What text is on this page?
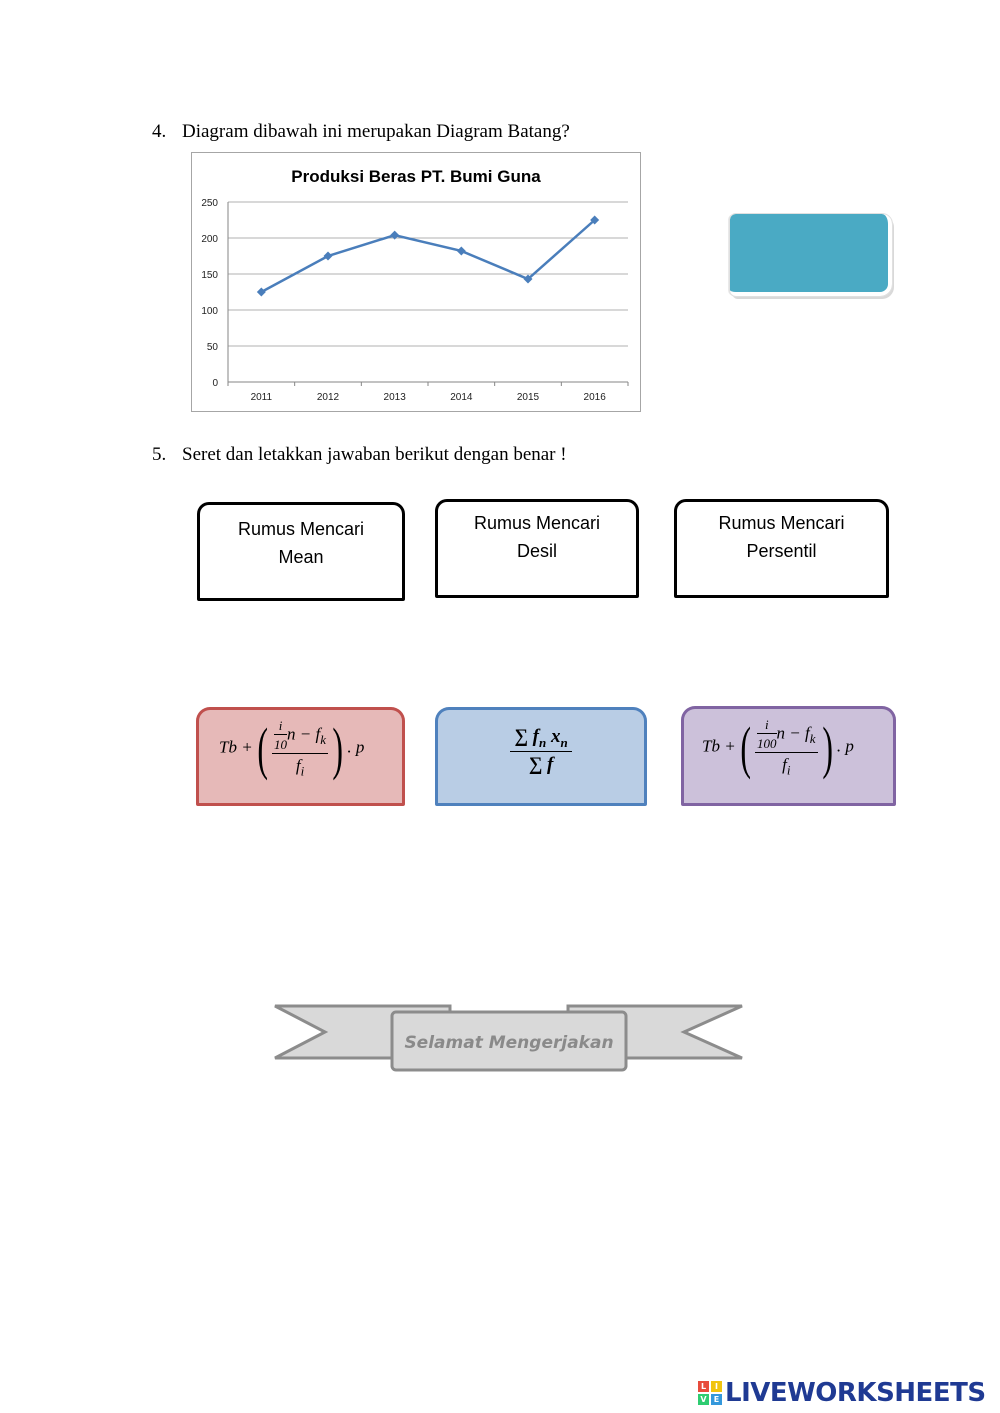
4. Diagram dibawah ini merupakan Diagram Batang?
Produksi Beras PT. Bumi Guna
0
50
100
150
200
250
2011	2012	2013	2014	2015	2016
5. Seret dan letakkan jawaban berikut dengan benar !
Rumus Mencari
Mean
Rumus Mencari
Desil
Rumus Mencari
Persentil
Tb +( $\frac{\frac{i}{10} n - f_k}{f_i}$ ) . p	$\frac{\sum f_n x_n}{\sum f}$	Tb +( $\frac{\frac{i}{100} n - f_k}{f_i}$ ) . p
Selamat Mengerjakan
L	I
V E LIVEWORKSHEETS
